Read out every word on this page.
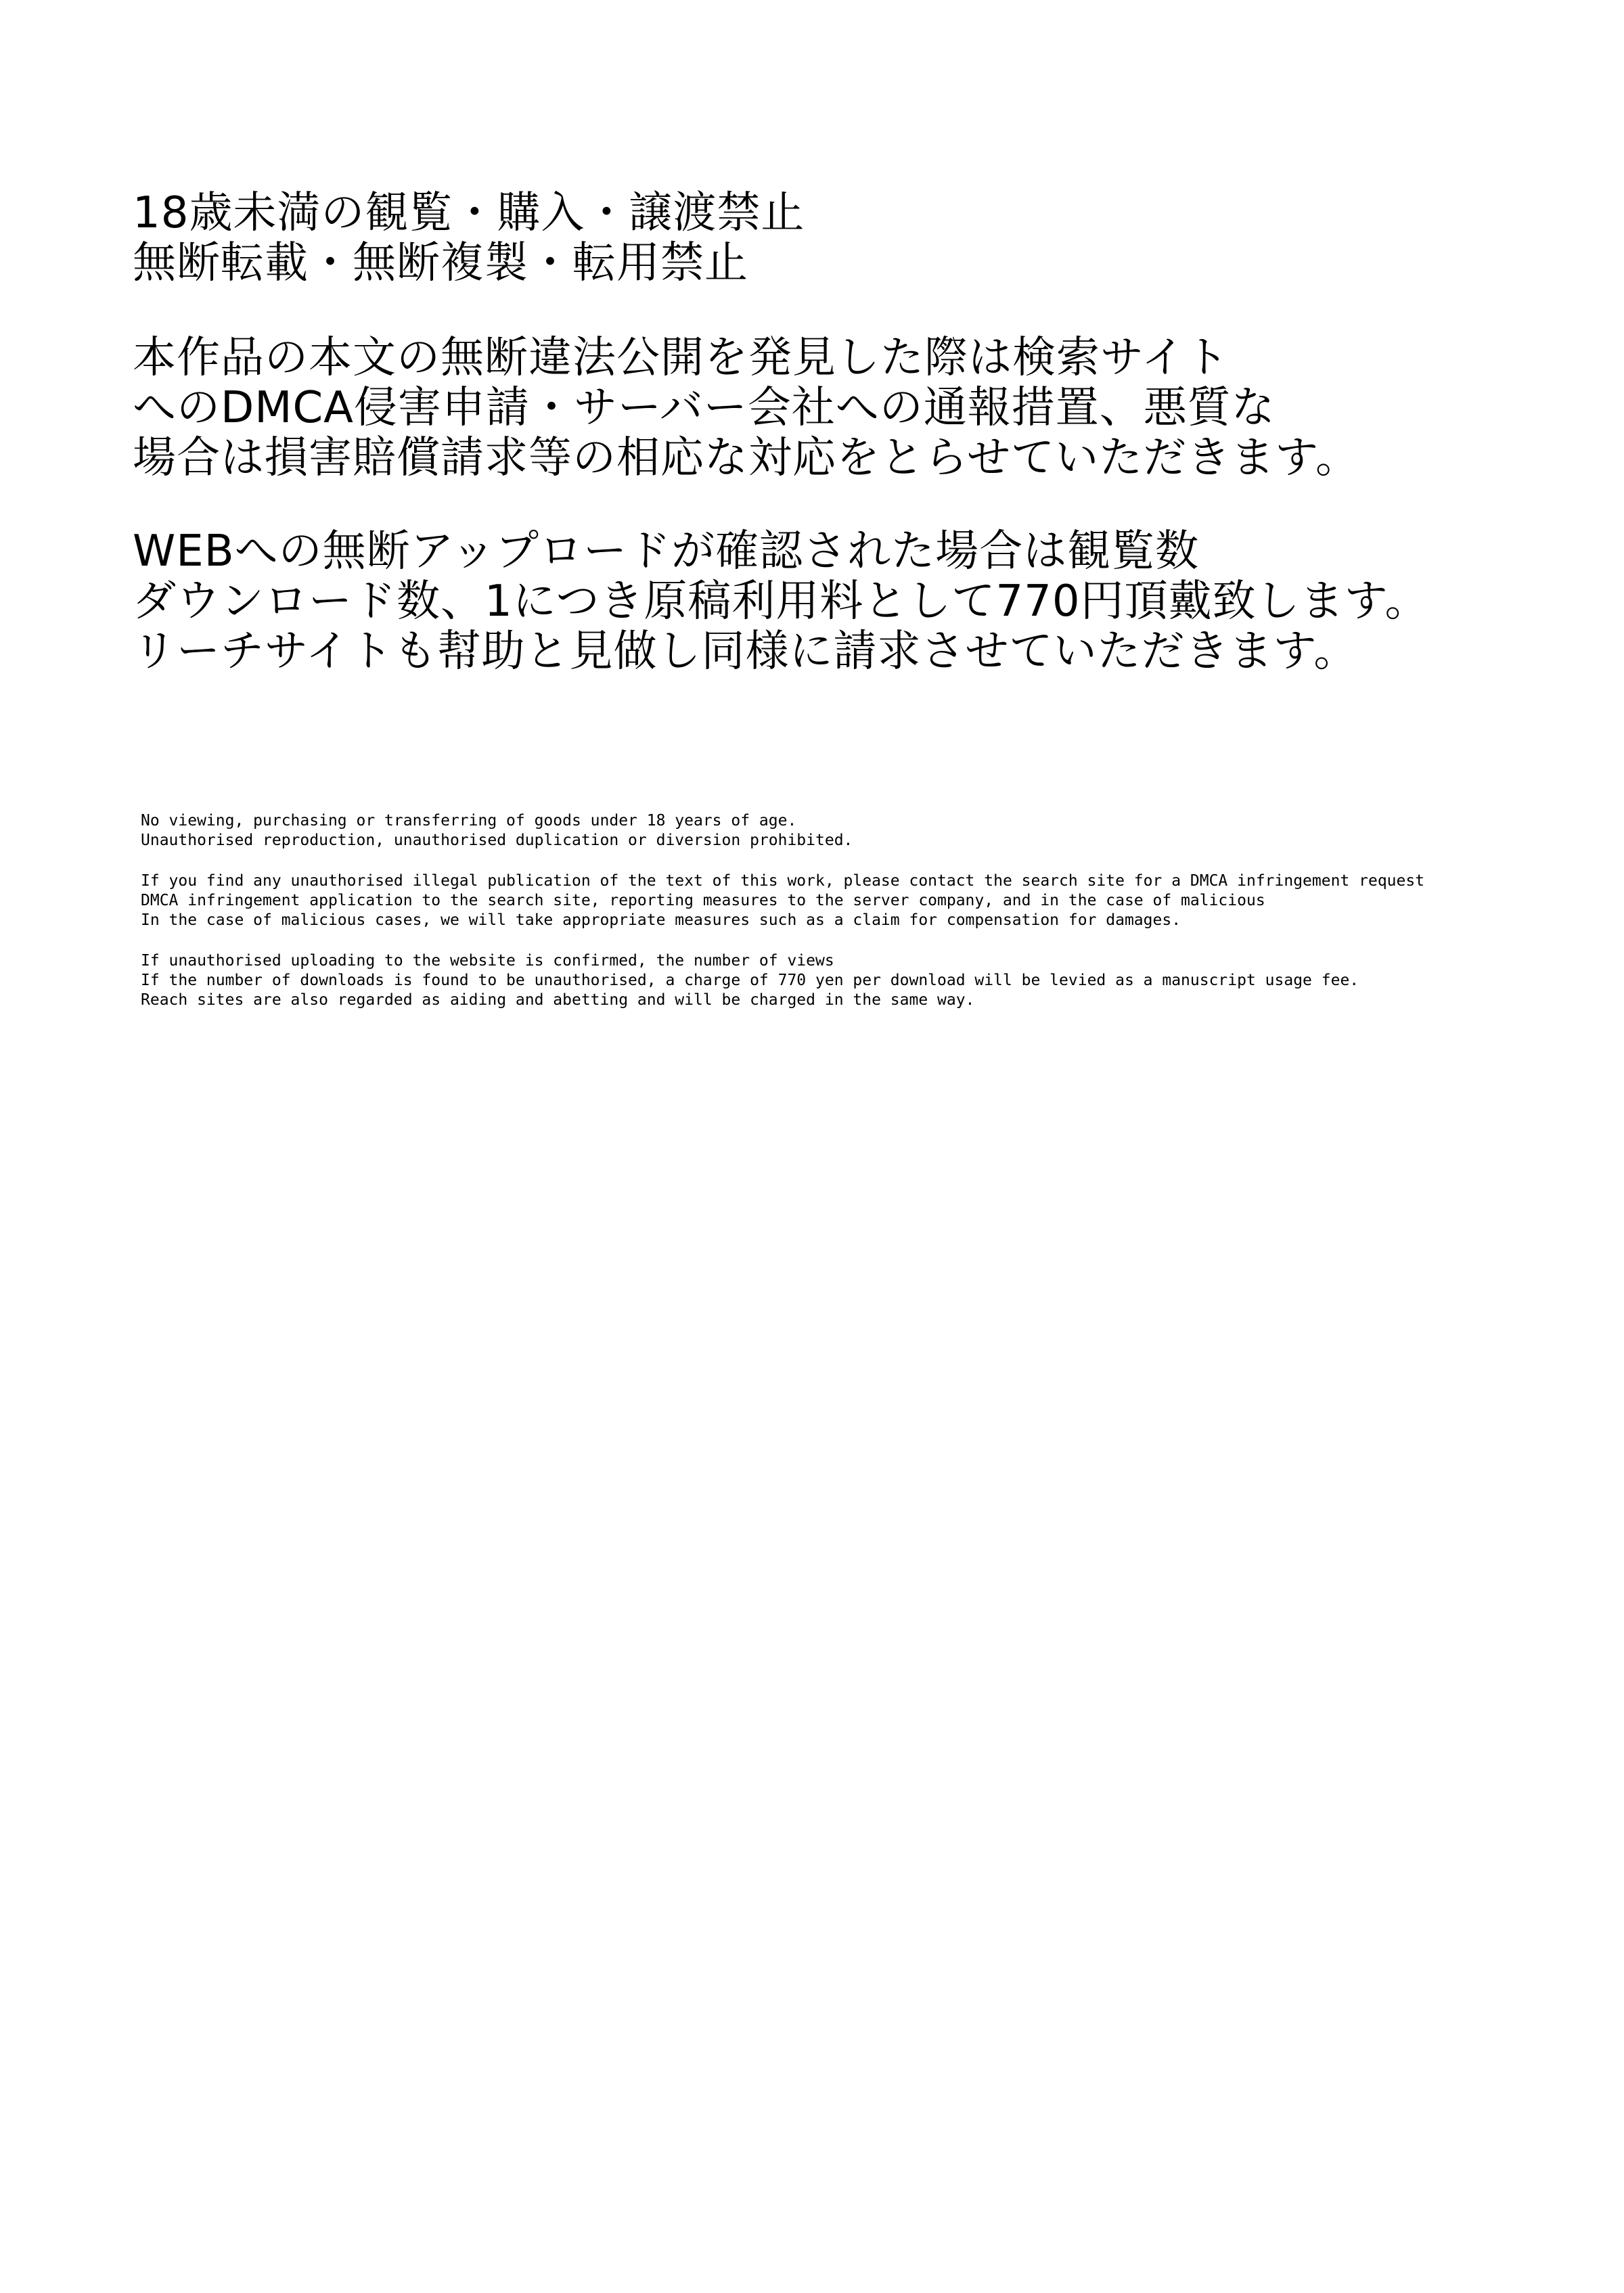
18歳未満の観覧・購入・譲渡禁止
無断転載・無断複製・転用禁止
本作品の本文の無断違法公開を発見した際は検索サイト
へのDMCA侵害申請・サーバー会社への通報措置、悪質な
場合は損害賠償請求等の相応な対応をとらせていただきます。
WEBへの無断アップロードが確認された場合は観覧数
ダウンロード数、1につき原稿利用料として770円頂戴致します。
リーチサイトも幇助と見做し同様に請求させていただきます。
No viewing, purchasing or transferring of goods under 18 years of age.
Unauthorised reproduction, unauthorised duplication or diversion prohibited.
If you find any unauthorised illegal publication of the text of this work, please contact the search site for a DMCA infringement request
DMCA infringement application to the search site, reporting measures to the server company, and in the case of malicious
In the case of malicious cases, we will take appropriate measures such as a claim for compensation for damages.
If unauthorised uploading to the website is confirmed, the number of views
If the number of downloads is found to be unauthorised, a charge of 770 yen per download will be levied as a manuscript usage fee.
Reach sites are also regarded as aiding and abetting and will be charged in the same way.
